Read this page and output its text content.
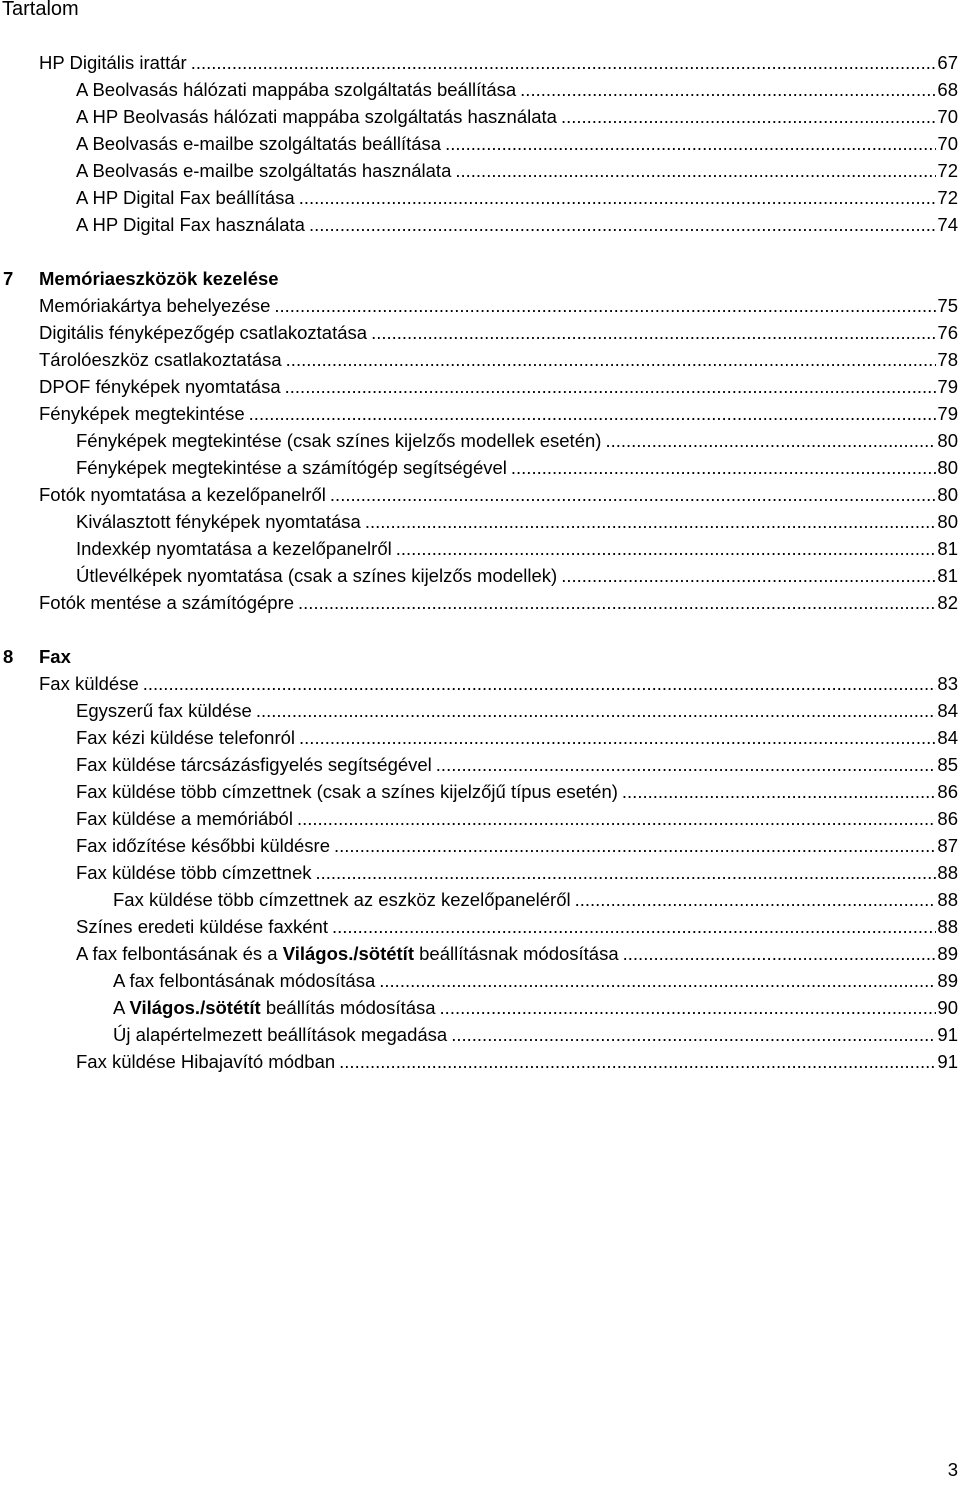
Tartalom
HP Digitális irattár .....	67
A Beolvasás hálózati mappába szolgáltatás beállítása .....	68
A HP Beolvasás hálózati mappába szolgáltatás használata .....	70
A Beolvasás e-mailbe szolgáltatás beállítása .....	70
A Beolvasás e-mailbe szolgáltatás használata .....	72
A HP Digital Fax beállítása .....	72
A HP Digital Fax használata .....	74
7 Memóriaeszközök kezelése
Memóriakártya behelyezése .....	75
Digitális fényképezőgép csatlakoztatása .....	76
Tárolóeszköz csatlakoztatása .....	78
DPOF fényképek nyomtatása .....	79
Fényképek megtekintése .....	79
Fényképek megtekintése (csak színes kijelzős modellek esetén) .....	80
Fényképek megtekintése a számítógép segítségével .....	80
Fotók nyomtatása a kezelőpanelről .....	80
Kiválasztott fényképek nyomtatása .....	80
Indexkép nyomtatása a kezelőpanelről .....	81
Útlevélképek nyomtatása (csak a színes kijelzős modellek) .....	81
Fotók mentése a számítógépre .....	82
8 Fax
Fax küldése .....	83
Egyszerű fax küldése .....	84
Fax kézi küldése telefonról .....	84
Fax küldése tárcsázásfigyelés segítségével .....	85
Fax küldése több címzettnek (csak a színes kijelzőjű típus esetén) .....	86
Fax küldése a memóriából .....	86
Fax időzítése későbbi küldésre .....	87
Fax küldése több címzettnek .....	88
Fax küldése több címzettnek az eszköz kezelőpaneléről .....	88
Színes eredeti küldése faxként .....	88
A fax felbontásának és a Világos./sötétít beállításnak módosítása .....	89
A fax felbontásának módosítása .....	89
A Világos./sötétít beállítás módosítása .....	90
Új alapértelmezett beállítások megadása .....	91
Fax küldése Hibajavító módban .....	91
3
